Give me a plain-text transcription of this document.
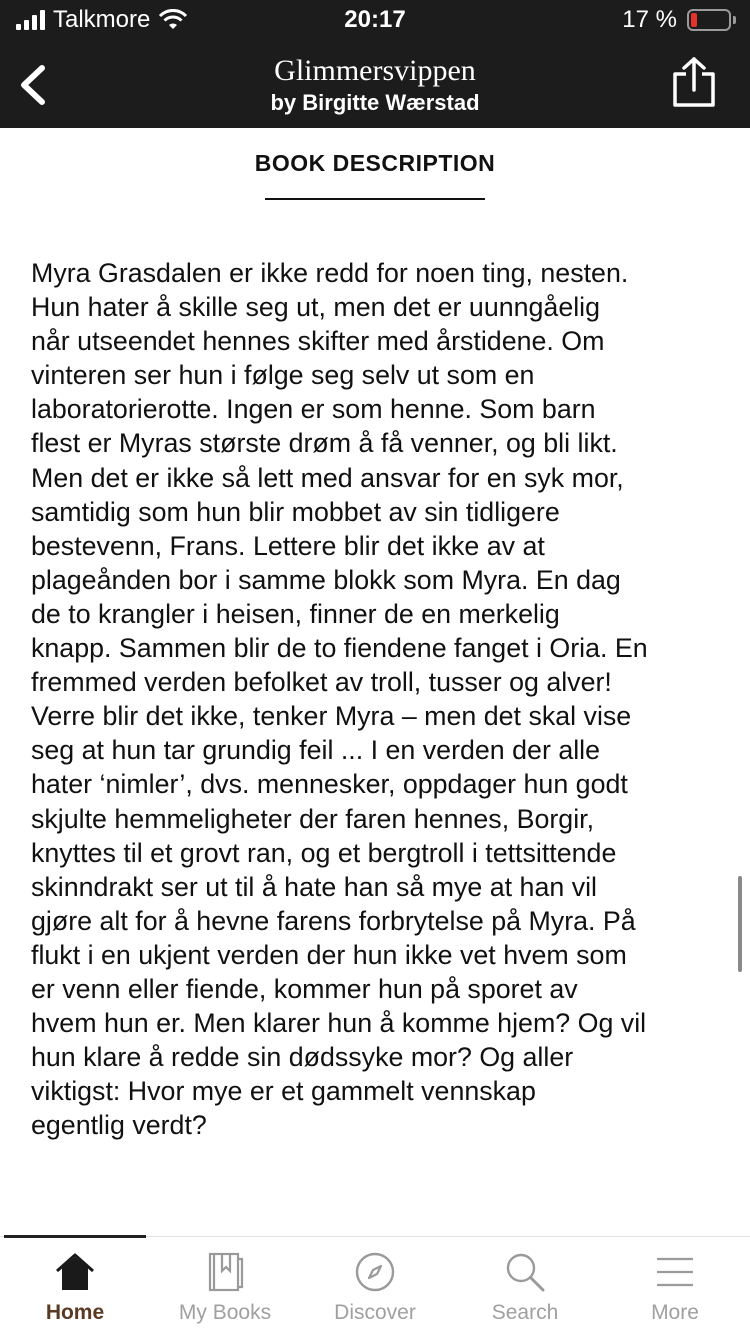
Talkmore	20:17	17 %
Glimmersvippen
by Birgitte Wærstad
BOOK DESCRIPTION
Myra Grasdalen er ikke redd for noen ting, nesten.
Hun hater å skille seg ut, men det er uunngåelig
når utseendet hennes skifter med årstidene. Om
vinteren ser hun i følge seg selv ut som en
laboratorierotte. Ingen er som henne. Som barn
flest er Myras største drøm å få venner, og bli likt.
Men det er ikke så lett med ansvar for en syk mor,
samtidig som hun blir mobbet av sin tidligere
bestevenn, Frans. Lettere blir det ikke av at
plageånden bor i samme blokk som Myra. En dag
de to krangler i heisen, finner de en merkelig
knapp. Sammen blir de to fiendene fanget i Oria. En
fremmed verden befolket av troll, tusser og alver!
Verre blir det ikke, tenker Myra – men det skal vise
seg at hun tar grundig feil ... I en verden der alle
hater ‘nimler’, dvs. mennesker, oppdager hun godt
skjulte hemmeligheter der faren hennes, Borgir,
knyttes til et grovt ran, og et bergtroll i tettsittende
skinndrakt ser ut til å hate han så mye at han vil
gjøre alt for å hevne farens forbrytelse på Myra. På
flukt i en ukjent verden der hun ikke vet hvem som
er venn eller fiende, kommer hun på sporet av
hvem hun er. Men klarer hun å komme hjem? Og vil
hun klare å redde sin dødssyke mor? Og aller
viktigst: Hvor mye er et gammelt vennskap
egentlig verdt?
Home	My Books	Discover	Search	More
